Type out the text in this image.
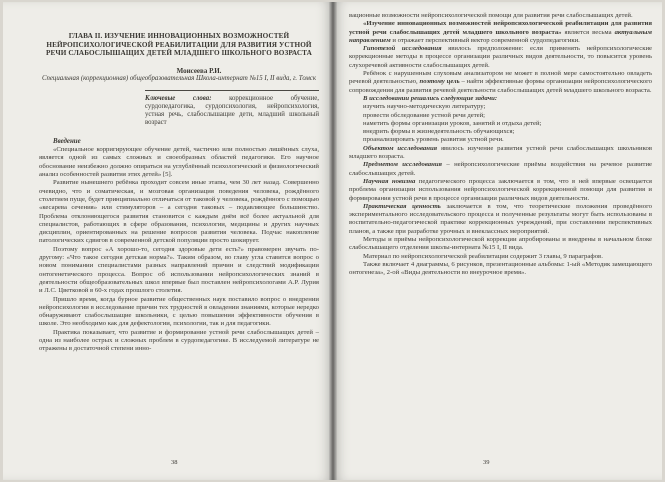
ГЛАВА II. ИЗУЧЕНИЕ ИННОВАЦИОННЫХ ВОЗМОЖНОСТЕЙ НЕЙРОПСИХОЛОГИЧЕСКОЙ РЕАБИЛИТАЦИИ ДЛЯ РАЗВИТИЯ УСТНОЙ РЕЧИ СЛАБОСЛЫШАЩИХ ДЕТЕЙ МЛАДШЕГО ШКОЛЬНОГО ВОЗРАСТА

Моисеева Р.И.

Специальная (коррекционная) общеобразовательная Школа-интернат №15 I, II вида, г. Томск

Ключевые слова:	коррекционное обучение, сурдопедагогика, сурдопсихология, нейропсихология, устная речь, слабослышащие дети, младший школьный возраст

Введение

«Специальное корригирующее обучение детей, частично или полностью лишённых слуха, является одной из самых сложных и своеобразных областей педагогики. Его научное обоснование неизбежно должно опираться на углублённый психологический и физиологический анализ особенностей развития этих детей» [5].

Развитие нынешнего ребёнка проходит совсем иные этапы, чем 30 лет назад. Совершенно очевидно, что и соматическая, и мозговая организация поведения человека, рождённого столетием пуще, будет принципиально отличаться от таковой у человека, рождённого с помощью «кесарева сечения» или стимуляторов – а сегодня таковых – подавляющее большинство. Проблема отклоняющегося развития становится с каждым днём всё более актуальной для специалистов, работающих в сфере образования, психологии, медицины и других научных дисциплин, ориентированных на решение вопросов развития человека. Подчас накопление патологических сдвигов в современной детской популяции просто шокирует.

Поэтому вопрос «А хорошо-то, сегодня здоровые дети есть?» правомерен звучать по-другому: «Что такое сегодня детская норма?». Таким образом, во главу угла ставится вопрос о новом понимании специалистами разных направлений причин и следствий модификации онтогенетического процесса. Вопрос об использовании нейропсихологических знаний в деятельности общеобразовательных школ впервые был поставлен нейропсихологами А.Р. Лурия и Л.С. Цветковой в 60-х годах прошлого столетия.

Пришло время, когда бурное развитие общественных наук поставило вопрос о внедрении нейропсихологии в исследование причин тех трудностей в овладении знаниями, которые нередко обнаруживают слабослышащие школьники, с целью повышения эффективности обучения в школе. Это необходимо как для дефектологии, психологии, так и для педагогики.

Практика показывает, что развитие и формирование устной речи слабослышащих детей – одна из наиболее острых и сложных проблем в сурдопедагогике. В исследуемой литературе не отражены в достаточной степени инно-

38

вационные возможности нейропсихологической помощи для развития речи слабослышащих детей.

«Изучение инновационных возможностей нейропсихологической реабилитации для развития устной речи слабослышащих детей младшего школьного возраста» является весьма актуальным направлением и отражает перспективный вектор современной сурдопедагогики.

Гипотезой исследования явилось предположение: если применять нейропсихологические коррекционные методы в процессе организации различных видов деятельности, то повысится уровень слухоречевой активности слабослышащих детей.

Ребёнок с нарушенным слуховым анализатором не может в полной мере самостоятельно овладеть речевой деятельностью, поэтому цель – найти эффективные формы организации нейропсихологического сопровождения для развития речевой деятельности слабослышащих детей младшего школьного возраста.

В исследовании решались следующие задачи:

изучить научно-методическую литературу;
провести обследование устной речи детей;
наметить формы организации уроков, занятий и отдыха детей;
внедрить формы в жизнедеятельность обучающихся;
проанализировать уровень развития устной речи.

Объектом исследования явилось изучение развития устной речи слабослышащих школьников младшего возраста.

Предметом исследования – нейропсихологические приёмы воздействия на речевое развитие слабослышащих детей.

Научная новизна педагогического процесса заключается в том, что в ней впервые освещается проблема организации использования нейропсихологической коррекционной помощи для развития и формирования устной речи в процессе организации различных видов деятельности.

Практическая ценность заключается в том, что теоретические положения проведённого экспериментального исследовательского процесса и полученные результаты могут быть использованы в воспитательно-педагогической практике коррекционных учреждений, при составлении перспективных планов, а также при разработке урочных и внеклассных мероприятий.

Методы и приёмы нейропсихологической коррекции апробированы и внедрены в начальном блоке слабослышащего отделения школы-интерната №15 I, II вида.

Материал по нейропсихологической реабилитации содержит 3 главы, 9 параграфов.

Также включает 4 диаграммы, 6 рисунков, презентационные альбомы: 1-ый «Методик замещающего онтогенеза», 2-ой «Виды деятельности во внеурочное время».

39
